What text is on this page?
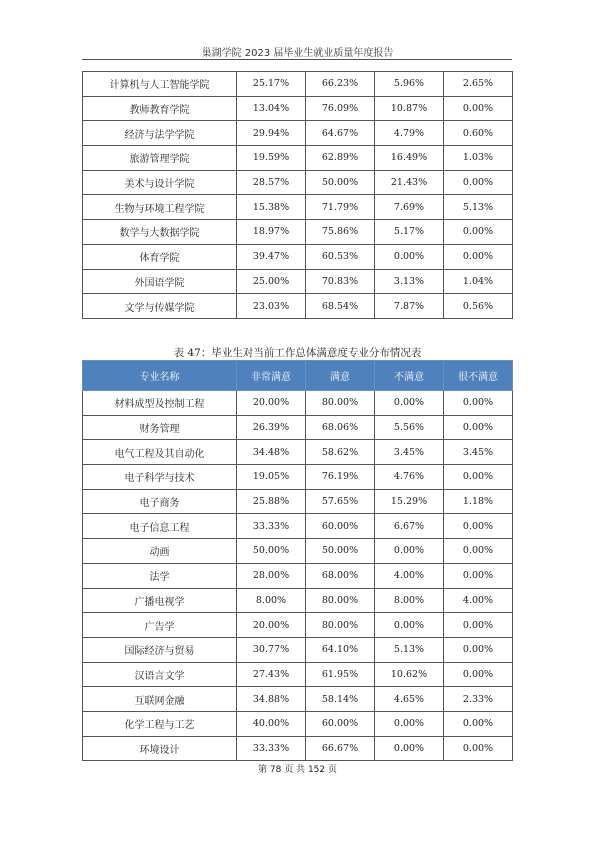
巢湖学院 2023 届毕业生就业质量年度报告
计算机与人工智能学院	25.17%	66.23%	5.96%	2.65%
教师教育学院	13.04%	76.09%	10.87%	0.00%
经济与法学学院	29.94%	64.67%	4.79%	0.60%
旅游管理学院	19.59%	62.89%	16.49%	1.03%
美术与设计学院	28.57%	50.00%	21.43%	0.00%
生物与环境工程学院	15.38%	71.79%	7.69%	5.13%
数学与大数据学院	18.97%	75.86%	5.17%	0.00%
体育学院	39.47%	60.53%	0.00%	0.00%
外国语学院	25.00%	70.83%	3.13%	1.04%
文学与传媒学院	23.03%	68.54%	7.87%	0.56%
表 47：毕业生对当前工作总体满意度专业分布情况表
专业名称	非常满意	满意	不满意	很不满意
材料成型及控制工程	20.00%	80.00%	0.00%	0.00%
财务管理	26.39%	68.06%	5.56%	0.00%
电气工程及其自动化	34.48%	58.62%	3.45%	3.45%
电子科学与技术	19.05%	76.19%	4.76%	0.00%
电子商务	25.88%	57.65%	15.29%	1.18%
电子信息工程	33.33%	60.00%	6.67%	0.00%
动画	50.00%	50.00%	0.00%	0.00%
法学	28.00%	68.00%	4.00%	0.00%
广播电视学	8.00%	80.00%	8.00%	4.00%
广告学	20.00%	80.00%	0.00%	0.00%
国际经济与贸易	30.77%	64.10%	5.13%	0.00%
汉语言文学	27.43%	61.95%	10.62%	0.00%
互联网金融	34.88%	58.14%	4.65%	2.33%
化学工程与工艺	40.00%	60.00%	0.00%	0.00%
环境设计	33.33%	66.67%	0.00%	0.00%
第 78 页 共 152 页
